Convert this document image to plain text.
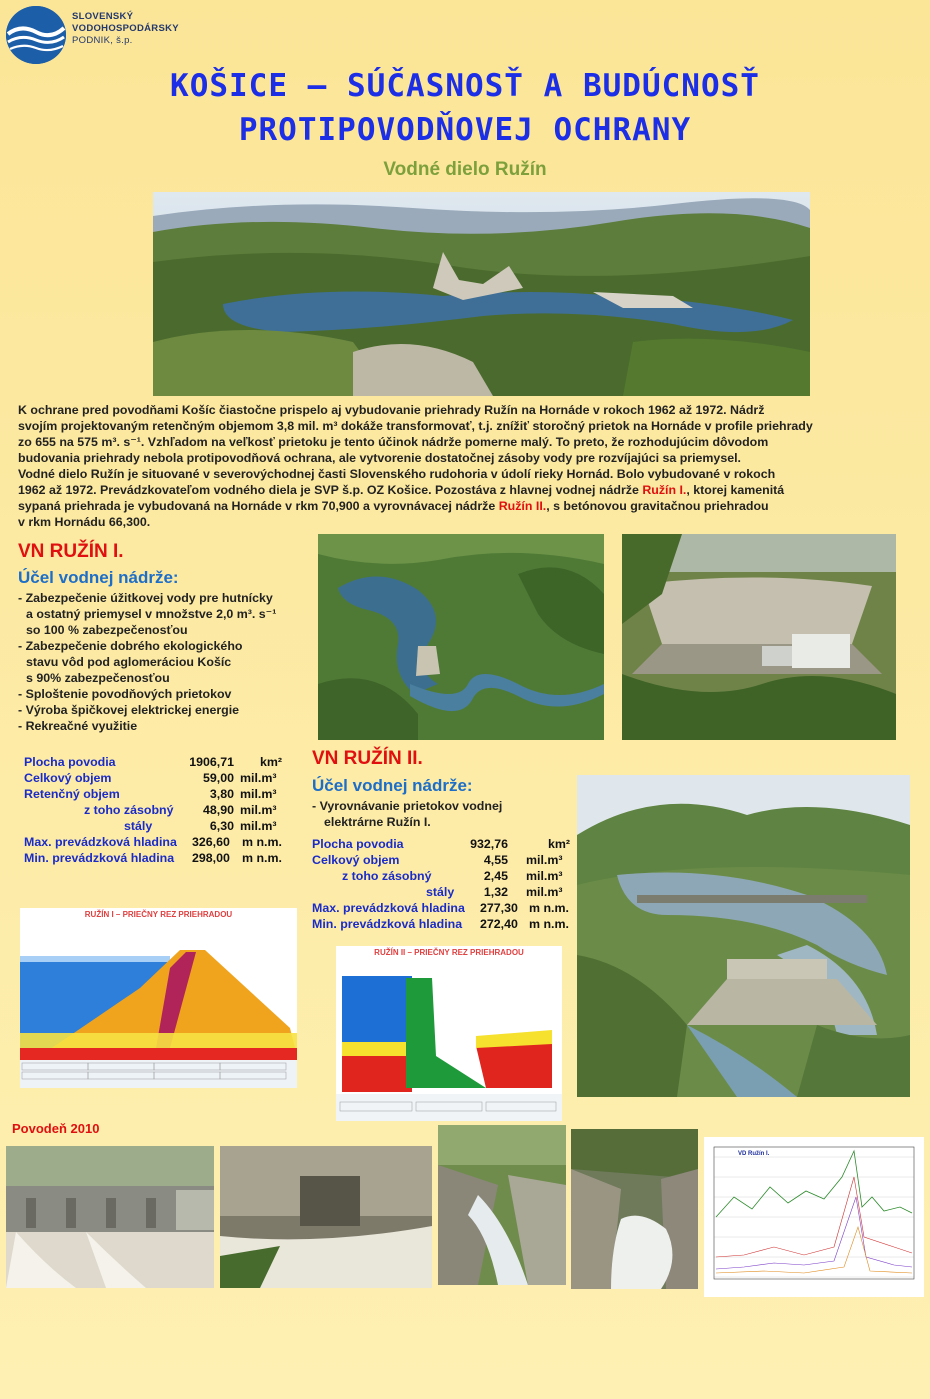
SLOVENSKÝ
VODOHOSPODÁRSKY
PODNIK, š.p.
KOŠICE – SÚČASNOSŤ A BUDÚCNOSŤ
PROTIPOVODŇOVEJ OCHRANY
Vodné dielo Ružín

K ochrane pred povodňami Košíc čiastočne prispelo aj vybudovanie priehrady Ružín na Hornáde v rokoch 1962 až 1972. Nádrž

svojím projektovaným retenčným objemom 3,8 mil. m³ dokáže transformovať, t.j. znížiť storočný prietok na Hornáde v profile priehrady

zo 655 na 575 m³. s⁻¹. Vzhľadom na veľkosť prietoku je tento účinok nádrže pomerne malý. To preto, že rozhodujúcim dôvodom

budovania priehrady nebola protipovodňová ochrana, ale vytvorenie dostatočnej zásoby vody pre rozvíjajúci sa priemysel.

Vodné dielo Ružín je situované v severovýchodnej časti Slovenského rudohoria v údolí rieky Hornád. Bolo vybudované v rokoch

1962 až 1972. Prevádzkovateľom vodného diela je SVP š.p. OZ Košice. Pozostáva z hlavnej vodnej nádrže Ružín I., ktorej kamenitá

sypaná priehrada je vybudovaná na Hornáde v rkm 70,900 a vyrovnávacej nádrže Ružín II., s betónovou gravitačnou priehradou

v rkm Hornádu 66,300.

VN RUŽÍN I.
Účel vodnej nádrže:
- Zabezpečenie úžitkovej vody pre hutnícky
a ostatný priemysel v množstve 2,0 m³. s⁻¹
so 100 % zabezpečenosťou
- Zabezpečenie dobrého ekologického
stavu vôd pod aglomeráciou Košíc
s 90% zabezpečenosťou
- Sploštenie povodňových prietokov
- Výroba špičkovej elektrickej energie
- Rekreačné využitie
Plocha povodia	1906,71 km²
Celkový objem	59,00 mil.m³
Retenčný objem	3,80 mil.m³
z toho zásobný 48,90 mil.m³
stály	6,30 mil.m³
Max. prevádzková hladina 326,60 m n.m.
Min. prevádzková hladina 298,00 m n.m.
VN RUŽÍN II.
Účel vodnej nádrže:
- Vyrovnávanie prietokov vodnej
elektrárne Ružín I.
Plocha povodia	932,76	km²
Celkový objem	4,55 mil.m³
z toho zásobný	2,45 mil.m³
stály 1,32 mil.m³
Max. prevádzková hladina 277,30 m n.m.
Min. prevádzková hladina 272,40 m n.m.
RUŽÍN I – PRIEČNY REZ PRIEHRADOU
RUŽÍN II – PRIEČNY REZ PRIEHRADOU
Povodeň 2010
VD Ružín I.
